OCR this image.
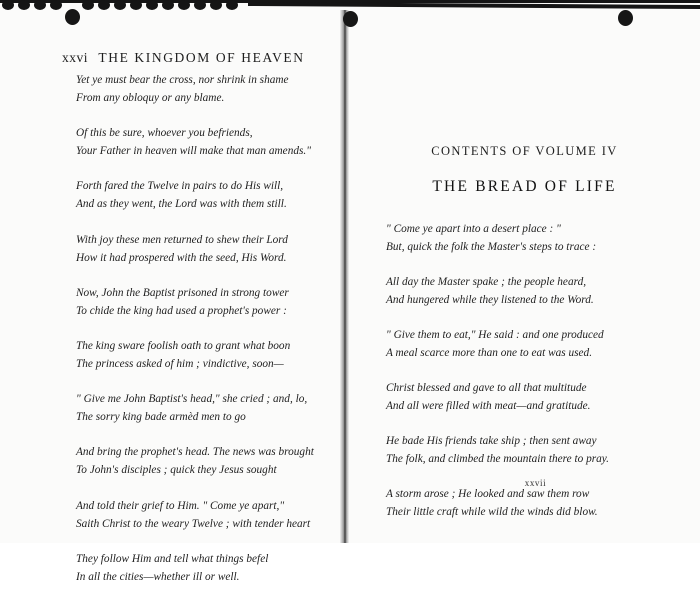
xxvi THE KINGDOM OF HEAVEN
Yet ye must bear the cross, nor shrink in shame
From any obloquy or any blame.
Of this be sure, whoever you befriends,
Your Father in heaven will make that man amends."
Forth fared the Twelve in pairs to do His will,
And as they went, the Lord was with them still.
With joy these men returned to shew their Lord
How it had prospered with the seed, His Word.
Now, John the Baptist prisoned in strong tower
To chide the king had used a prophet's power :
The king sware foolish oath to grant what boon
The princess asked of him ; vindictive, soon—
" Give me John Baptist's head," she cried ; and, lo,
The sorry king bade armèd men to go
And bring the prophet's head. The news was brought
To John's disciples ; quick they Jesus sought
And told their grief to Him. " Come ye apart,"
Saith Christ to the weary Twelve ; with tender heart
They follow Him and tell what things befel
In all the cities—whether ill or well.
CONTENTS OF VOLUME IV
THE BREAD OF LIFE
" Come ye apart into a desert place : "
But, quick the folk the Master's steps to trace :
All day the Master spake ; the people heard,
And hungered while they listened to the Word.
" Give them to eat," He said : and one produced
A meal scarce more than one to eat was used.
Christ blessed and gave to all that multitude
And all were filled with meat—and gratitude.
He bade His friends take ship ; then sent away
The folk, and climbed the mountain there to pray.
A storm arose ; He looked and saw them row
Their little craft while wild the winds did blow.
xxvii
